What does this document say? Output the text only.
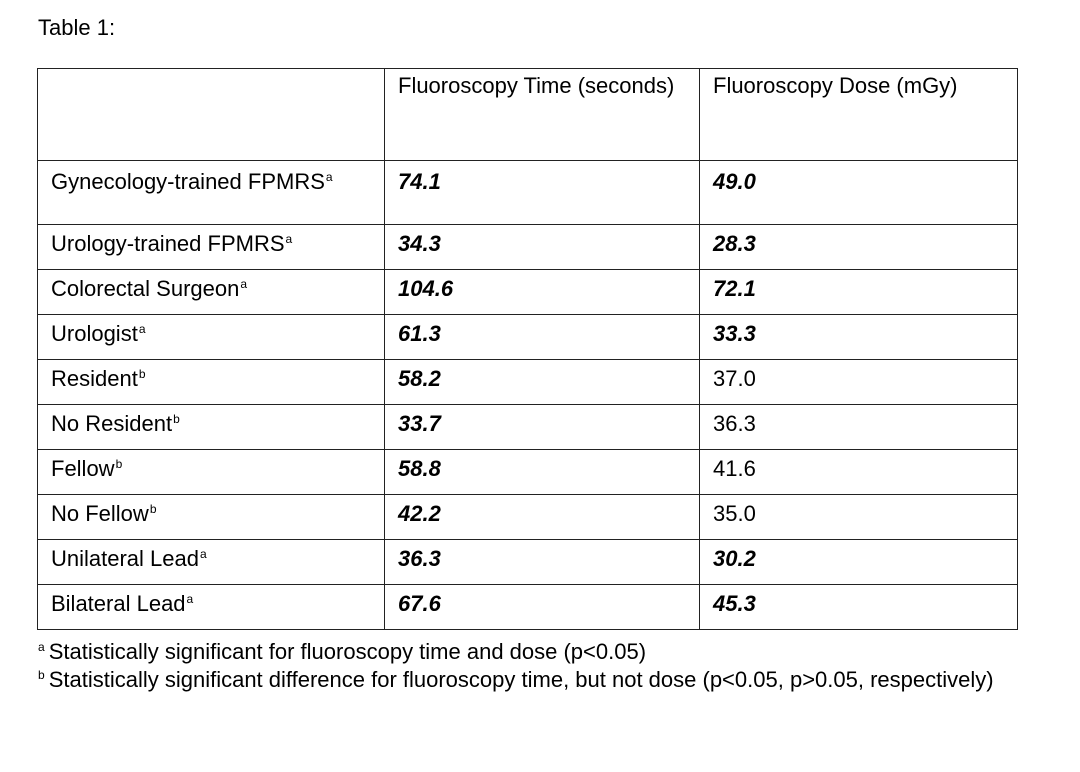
Table 1:
	Fluoroscopy Time (seconds)	Fluoroscopy Dose (mGy)
Gynecology-trained FPMRS$^a$	74.1	49.0
Urology-trained FPMRS$^a$	34.3	28.3
Colorectal Surgeon$^a$	104.6	72.1
Urologist$^a$	61.3	33.3
Resident$^b$	58.2	37.0
No Resident$^b$	33.7	36.3
Fellow$^b$	58.8	41.6
No Fellow$^b$	42.2	35.0
Unilateral Lead$^a$	36.3	30.2
Bilateral Lead$^a$	67.6	45.3
$^a$ Statistically significant for fluoroscopy time and dose (p<0.05)
$^b$ Statistically significant difference for fluoroscopy time, but not dose (p<0.05, p>0.05, respectively)
